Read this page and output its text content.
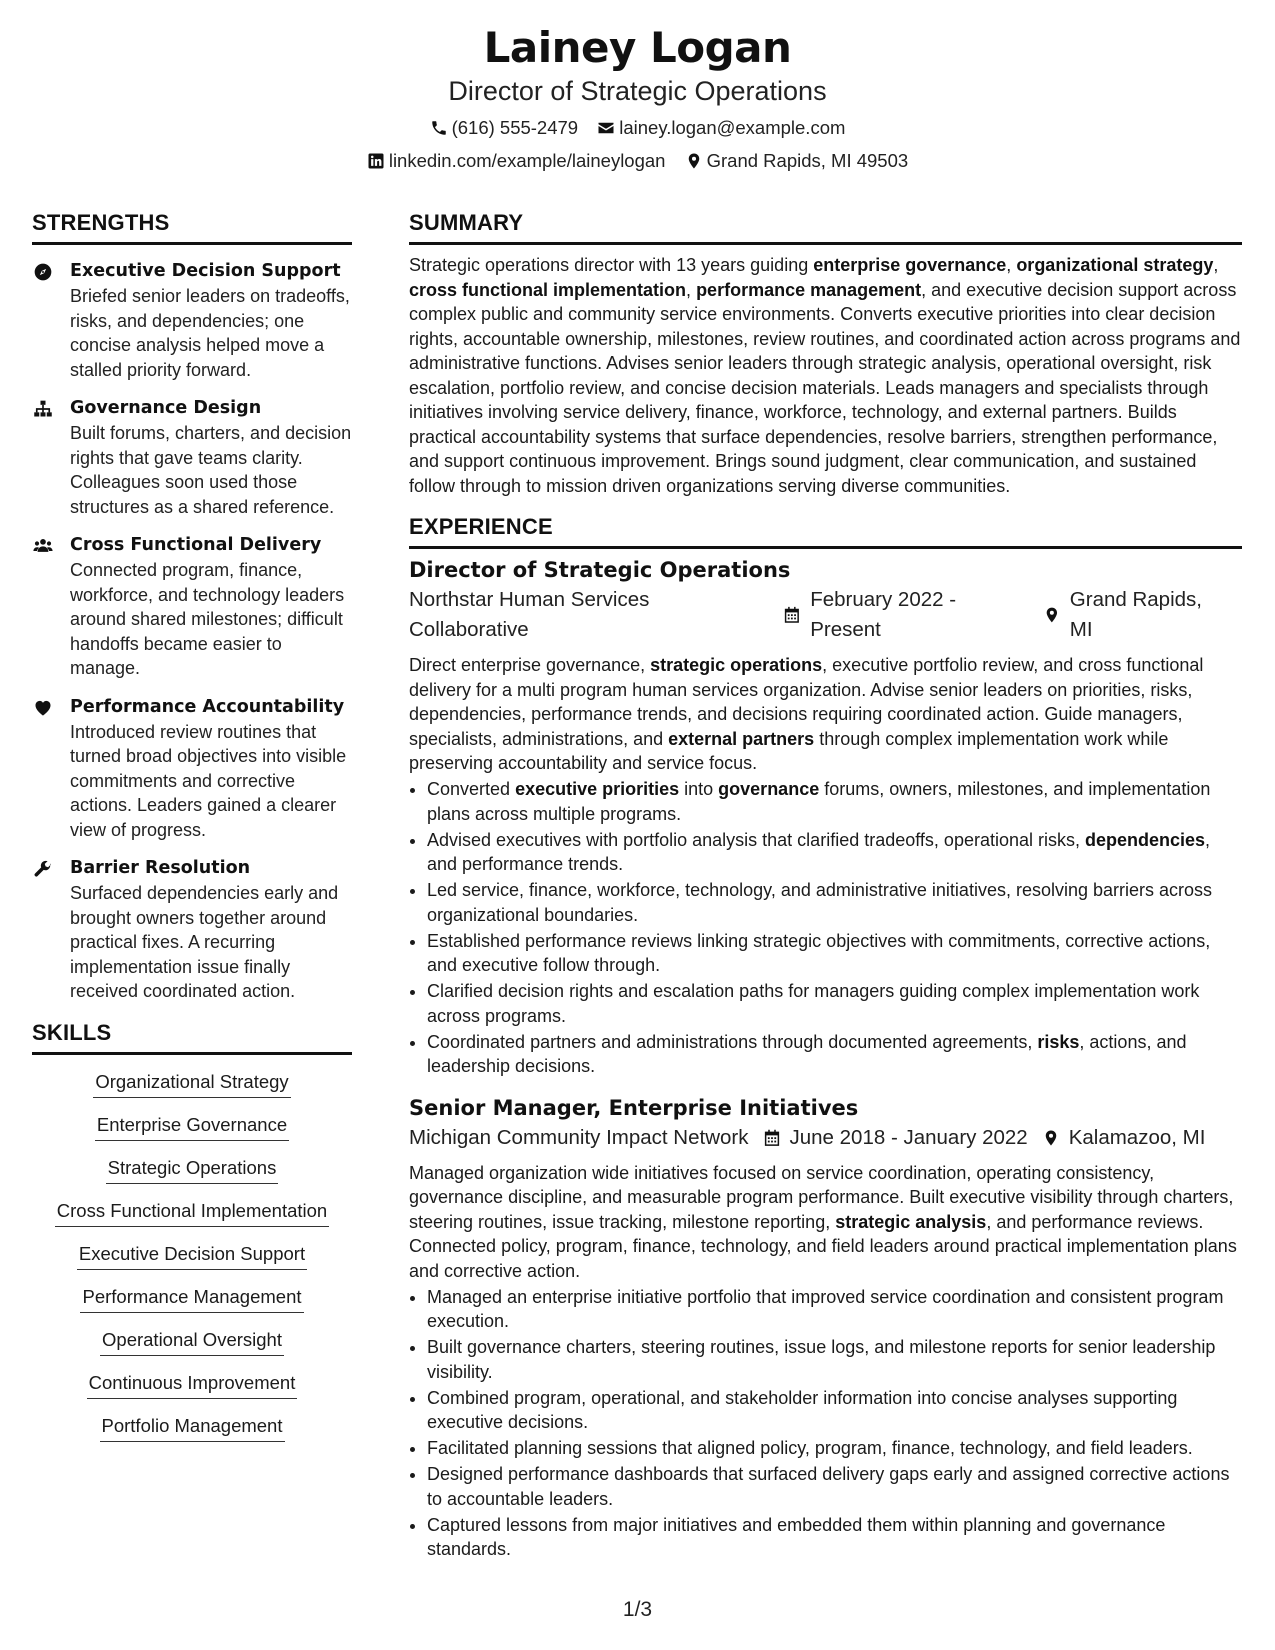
Lainey Logan
Director of Strategic Operations
(616) 555-2479
lainey.logan@example.com
linkedin.com/example/laineylogan
Grand Rapids, MI 49503
STRENGTHS
Executive Decision Support
Briefed senior leaders on tradeoffs, risks, and dependencies; one concise analysis helped move a stalled priority forward.
Governance Design
Built forums, charters, and decision rights that gave teams clarity. Colleagues soon used those structures as a shared reference.
Cross Functional Delivery
Connected program, finance, workforce, and technology leaders around shared milestones; difficult handoffs became easier to manage.
Performance Accountability
Introduced review routines that turned broad objectives into visible commitments and corrective actions. Leaders gained a clearer view of progress.
Barrier Resolution
Surfaced dependencies early and brought owners together around practical fixes. A recurring implementation issue finally received coordinated action.
SKILLS
Organizational Strategy
Enterprise Governance
Strategic Operations
Cross Functional Implementation
Executive Decision Support
Performance Management
Operational Oversight
Continuous Improvement
Portfolio Management
SUMMARY
Strategic operations director with 13 years guiding enterprise governance, organizational strategy, cross functional implementation, performance management, and executive decision support across complex public and community service environments. Converts executive priorities into clear decision rights, accountable ownership, milestones, review routines, and coordinated action across programs and administrative functions. Advises senior leaders through strategic analysis, operational oversight, risk escalation, portfolio review, and concise decision materials. Leads managers and specialists through initiatives involving service delivery, finance, workforce, technology, and external partners. Builds practical accountability systems that surface dependencies, resolve barriers, strengthen performance, and support continuous improvement. Brings sound judgment, clear communication, and sustained follow through to mission driven organizations serving diverse communities.
EXPERIENCE
Director of Strategic Operations
Northstar Human Services Collaborative
February 2022 - Present
Grand Rapids, MI
Direct enterprise governance, strategic operations, executive portfolio review, and cross functional delivery for a multi program human services organization. Advise senior leaders on priorities, risks, dependencies, performance trends, and decisions requiring coordinated action. Guide managers, specialists, administrations, and external partners through complex implementation work while preserving accountability and service focus.
• Converted executive priorities into governance forums, owners, milestones, and implementation plans across multiple programs.
• Advised executives with portfolio analysis that clarified tradeoffs, operational risks, dependencies, and performance trends.
• Led service, finance, workforce, technology, and administrative initiatives, resolving barriers across organizational boundaries.
• Established performance reviews linking strategic objectives with commitments, corrective actions, and executive follow through.
• Clarified decision rights and escalation paths for managers guiding complex implementation work across programs.
• Coordinated partners and administrations through documented agreements, risks, actions, and leadership decisions.
Senior Manager, Enterprise Initiatives
Michigan Community Impact Network June 2018 - January 2022 Kalamazoo, MI
Managed organization wide initiatives focused on service coordination, operating consistency, governance discipline, and measurable program performance. Built executive visibility through charters, steering routines, issue tracking, milestone reporting, strategic analysis, and performance reviews. Connected policy, program, finance, technology, and field leaders around practical implementation plans and corrective action.
• Managed an enterprise initiative portfolio that improved service coordination and consistent program execution.
• Built governance charters, steering routines, issue logs, and milestone reports for senior leadership visibility.
• Combined program, operational, and stakeholder information into concise analyses supporting executive decisions.
• Facilitated planning sessions that aligned policy, program, finance, technology, and field leaders.
• Designed performance dashboards that surfaced delivery gaps early and assigned corrective actions to accountable leaders.
• Captured lessons from major initiatives and embedded them within planning and governance standards.
1/3
